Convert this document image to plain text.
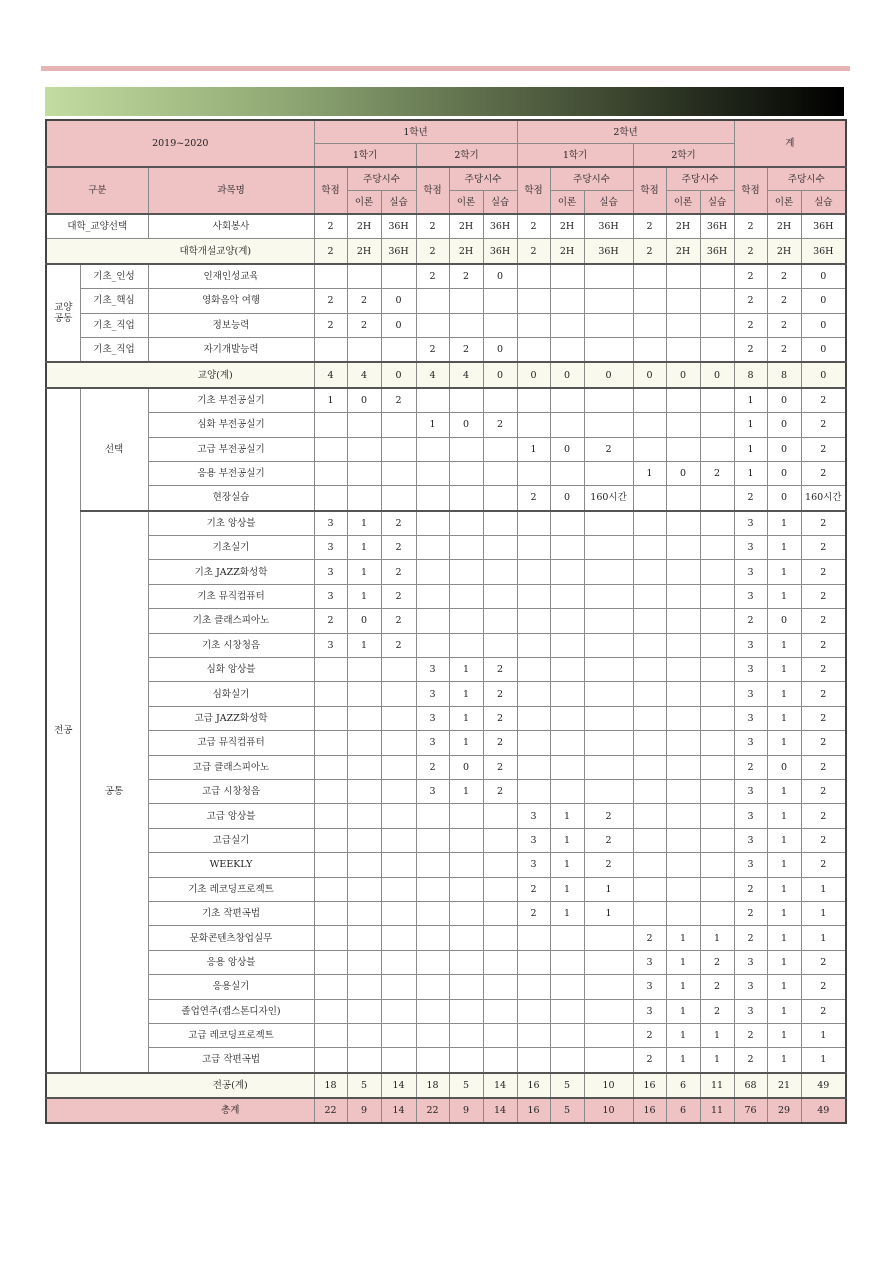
2019~2020			1학년						2학년						계		
			1학기			2학기			1학기			2학기					
구분		과목명	학점	주당시수		학점	주당시수		학점	주당시수		학점	주당시수		학점	주당시수	
				이론	실습		이론	실습		이론	실습		이론	실습		이론	실습
대학_교양선택		사회봉사	2	2H	36H	2	2H	36H	2	2H	36H	2	2H	36H	2	2H	36H
대학개설교양(계)			2	2H	36H	2	2H	36H	2	2H	36H	2	2H	36H	2	2H	36H
교양
공동	기초_인성	인재인성교육				2	2	0							2	2	0
	기초_핵심	영화음악 여행	2	2	0										2	2	0
	기초_직업	정보능력	2	2	0										2	2	0
	기초_직업	자기개발능력				2	2	0							2	2	0
교양(계)			4	4	0	4	4	0	0	0	0	0	0	0	8	8	0
전공	선택	기초 부전공실기	1	0	2										1	0	2
		심화 부전공실기				1	0	2							1	0	2
		고급 부전공실기							1	0	2				1	0	2
		응용 부전공실기										1	0	2	1	0	2
		현장실습							2	0	160시간				2	0	160시간
	공통	기초 앙상블	3	1	2										3	1	2
		기초실기	3	1	2										3	1	2
		기초 JAZZ화성학	3	1	2										3	1	2
		기초 뮤직컴퓨터	3	1	2										3	1	2
		기초 클래스피아노	2	0	2										2	0	2
		기초 시창청음	3	1	2										3	1	2
		심화 앙상블				3	1	2							3	1	2
		심화실기				3	1	2							3	1	2
		고급 JAZZ화성학				3	1	2							3	1	2
		고급 뮤직컴퓨터				3	1	2							3	1	2
		고급 클래스피아노				2	0	2							2	0	2
		고급 시창청음				3	1	2							3	1	2
		고급 앙상블							3	1	2				3	1	2
		고급실기							3	1	2				3	1	2
		WEEKLY							3	1	2				3	1	2
		기초 레코딩프로젝트							2	1	1				2	1	1
		기초 작편곡법							2	1	1				2	1	1
		문화콘텐츠창업실무										2	1	1	2	1	1
		응용 앙상블										3	1	2	3	1	2
		응용실기										3	1	2	3	1	2
		졸업연주(캡스톤디자인)										3	1	2	3	1	2
		고급 레코딩프로젝트										2	1	1	2	1	1
		고급 작편곡법										2	1	1	2	1	1
전공(계)			18	5	14	18	5	14	16	5	10	16	6	11	68	21	49
총계			22	9	14	22	9	14	16	5	10	16	6	11	76	29	49
